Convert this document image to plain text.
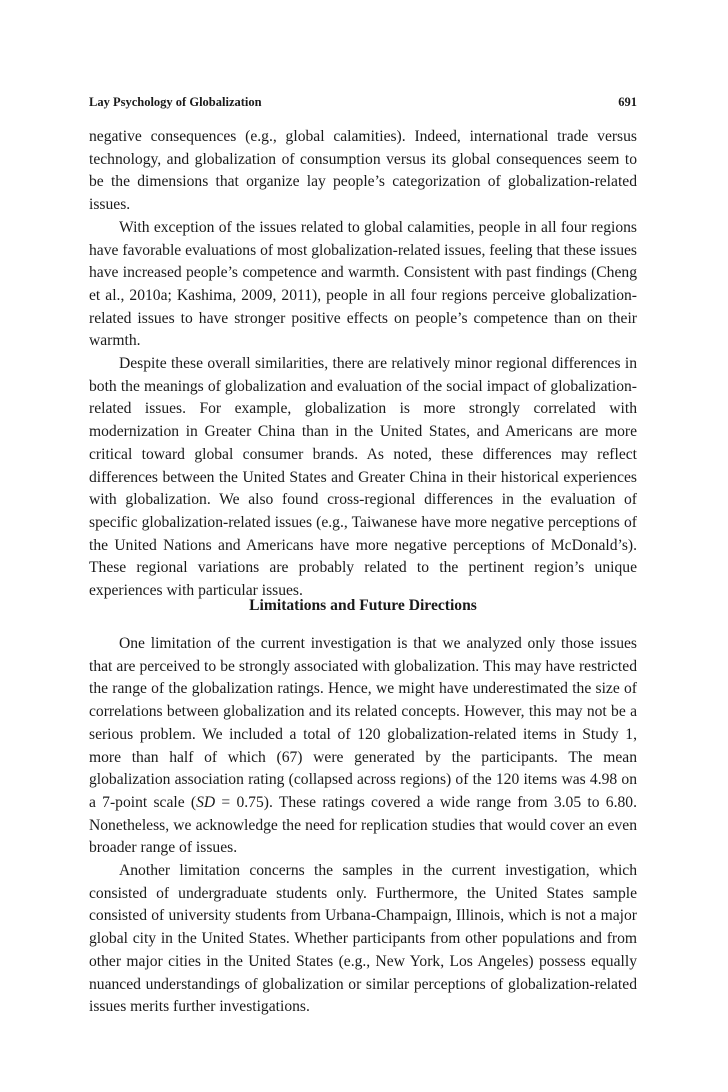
Lay Psychology of Globalization	691

negative consequences (e.g., global calamities). Indeed, international trade versus technology, and globalization of consumption versus its global consequences seem to be the dimensions that organize lay people’s categorization of globalization-related issues.

With exception of the issues related to global calamities, people in all four regions have favorable evaluations of most globalization-related issues, feeling that these issues have increased people’s competence and warmth. Consistent with past findings (Cheng et al., 2010a; Kashima, 2009, 2011), people in all four regions perceive globalization-related issues to have stronger positive effects on people’s competence than on their warmth.

Despite these overall similarities, there are relatively minor regional differences in both the meanings of globalization and evaluation of the social impact of globalization-related issues. For example, globalization is more strongly correlated with modernization in Greater China than in the United States, and Americans are more critical toward global consumer brands. As noted, these differences may reflect differences between the United States and Greater China in their historical experiences with globalization. We also found cross-regional differences in the evaluation of specific globalization-related issues (e.g., Taiwanese have more negative perceptions of the United Nations and Americans have more negative perceptions of McDonald’s). These regional variations are probably related to the pertinent region’s unique experiences with particular issues.

Limitations and Future Directions

One limitation of the current investigation is that we analyzed only those issues that are perceived to be strongly associated with globalization. This may have restricted the range of the globalization ratings. Hence, we might have underestimated the size of correlations between globalization and its related concepts. However, this may not be a serious problem. We included a total of 120 globalization-related items in Study 1, more than half of which (67) were generated by the participants. The mean globalization association rating (collapsed across regions) of the 120 items was 4.98 on a 7-point scale (SD = 0.75). These ratings covered a wide range from 3.05 to 6.80. Nonetheless, we acknowledge the need for replication studies that would cover an even broader range of issues.

Another limitation concerns the samples in the current investigation, which consisted of undergraduate students only. Furthermore, the United States sample consisted of university students from Urbana-Champaign, Illinois, which is not a major global city in the United States. Whether participants from other populations and from other major cities in the United States (e.g., New York, Los Angeles) possess equally nuanced understandings of globalization or similar perceptions of globalization-related issues merits further investigations.
